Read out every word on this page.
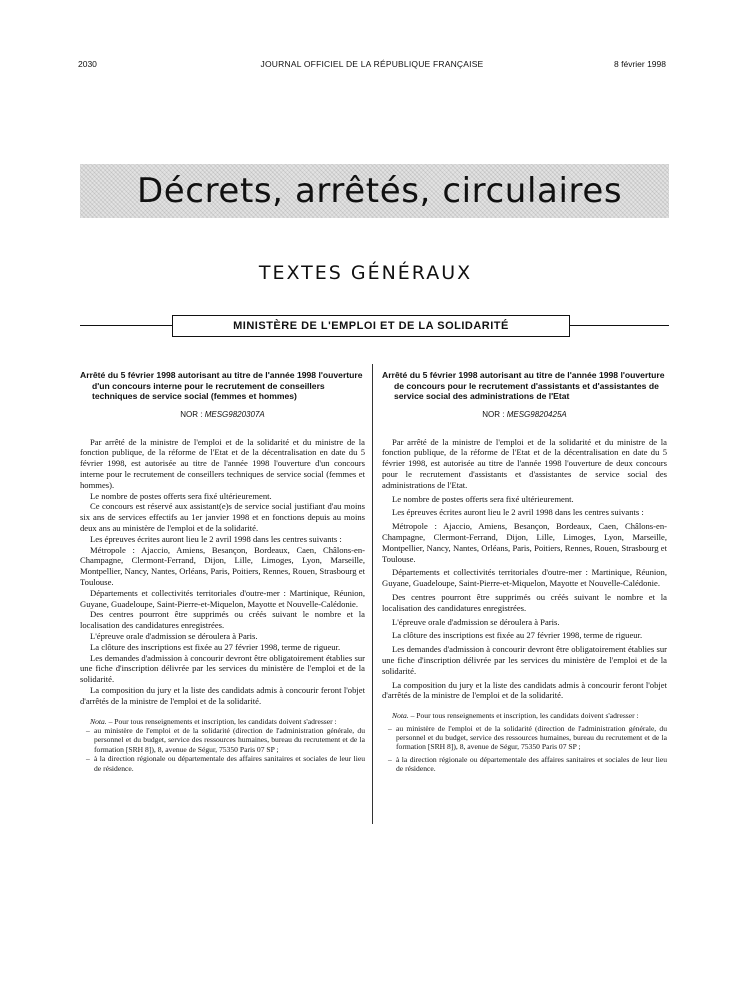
2030	JOURNAL OFFICIEL DE LA RÉPUBLIQUE FRANÇAISE	8 février 1998
Décrets, arrêtés, circulaires
TEXTES GÉNÉRAUX
MINISTÈRE DE L'EMPLOI ET DE LA SOLIDARITÉ
Arrêté du 5 février 1998 autorisant au titre de l'année 1998 l'ouverture d'un concours interne pour le recrutement de conseillers techniques de service social (femmes et hommes)
NOR : MESG9820307A

Par arrêté de la ministre de l'emploi et de la solidarité et du ministre de la fonction publique, de la réforme de l'Etat et de la décentralisation en date du 5 février 1998, est autorisée au titre de l'année 1998 l'ouverture d'un concours interne pour le recrutement de conseillers techniques de service social (femmes et hommes).

Le nombre de postes offerts sera fixé ultérieurement.

Ce concours est réservé aux assistant(e)s de service social justifiant d'au moins six ans de services effectifs au 1er janvier 1998 et en fonctions depuis au moins deux ans au ministère de l'emploi et de la solidarité.

Les épreuves écrites auront lieu le 2 avril 1998 dans les centres suivants :

Métropole : Ajaccio, Amiens, Besançon, Bordeaux, Caen, Châlons-en-Champagne, Clermont-Ferrand, Dijon, Lille, Limoges, Lyon, Marseille, Montpellier, Nancy, Nantes, Orléans, Paris, Poitiers, Rennes, Rouen, Strasbourg et Toulouse.

Départements et collectivités territoriales d'outre-mer : Martinique, Réunion, Guyane, Guadeloupe, Saint-Pierre-et-Miquelon, Mayotte et Nouvelle-Calédonie.

Des centres pourront être supprimés ou créés suivant le nombre et la localisation des candidatures enregistrées.

L'épreuve orale d'admission se déroulera à Paris.

La clôture des inscriptions est fixée au 27 février 1998, terme de rigueur.

Les demandes d'admission à concourir devront être obligatoirement établies sur une fiche d'inscription délivrée par les services du ministère de l'emploi et de la solidarité.

La composition du jury et la liste des candidats admis à concourir feront l'objet d'arrêtés de la ministre de l'emploi et de la solidarité.

Nota. – Pour tous renseignements et inscription, les candidats doivent s'adresser :

– au ministère de l'emploi et de la solidarité (direction de l'administration générale, du personnel et du budget, service des ressources humaines, bureau du recrutement et de la formation [SRH 8]), 8, avenue de Ségur, 75350 Paris 07 SP ;

– à la direction régionale ou départementale des affaires sanitaires et sociales de leur lieu de résidence.

Arrêté du 5 février 1998 autorisant au titre de l'année 1998 l'ouverture de concours pour le recrutement d'assistants et d'assistantes de service social des administrations de l'Etat
NOR : MESG9820425A

Par arrêté de la ministre de l'emploi et de la solidarité et du ministre de la fonction publique, de la réforme de l'Etat et de la décentralisation en date du 5 février 1998, est autorisée au titre de l'année 1998 l'ouverture de deux concours pour le recrutement d'assistants et d'assistantes de service social des administrations de l'Etat.

Le nombre de postes offerts sera fixé ultérieurement.

Les épreuves écrites auront lieu le 2 avril 1998 dans les centres suivants :

Métropole : Ajaccio, Amiens, Besançon, Bordeaux, Caen, Châlons-en-Champagne, Clermont-Ferrand, Dijon, Lille, Limoges, Lyon, Marseille, Montpellier, Nancy, Nantes, Orléans, Paris, Poitiers, Rennes, Rouen, Strasbourg et Toulouse.

Départements et collectivités territoriales d'outre-mer : Martinique, Réunion, Guyane, Guadeloupe, Saint-Pierre-et-Miquelon, Mayotte et Nouvelle-Calédonie.

Des centres pourront être supprimés ou créés suivant le nombre et la localisation des candidatures enregistrées.

L'épreuve orale d'admission se déroulera à Paris.

La clôture des inscriptions est fixée au 27 février 1998, terme de rigueur.

Les demandes d'admission à concourir devront être obligatoirement établies sur une fiche d'inscription délivrée par les services du ministère de l'emploi et de la solidarité.

La composition du jury et la liste des candidats admis à concourir feront l'objet d'arrêtés de la ministre de l'emploi et de la solidarité.

Nota. – Pour tous renseignements et inscription, les candidats doivent s'adresser :

– au ministère de l'emploi et de la solidarité (direction de l'administration générale, du personnel et du budget, service des ressources humaines, bureau du recrutement et de la formation [SRH 8]), 8, avenue de Ségur, 75350 Paris 07 SP ;

– à la direction régionale ou départementale des affaires sanitaires et sociales de leur lieu de résidence.
